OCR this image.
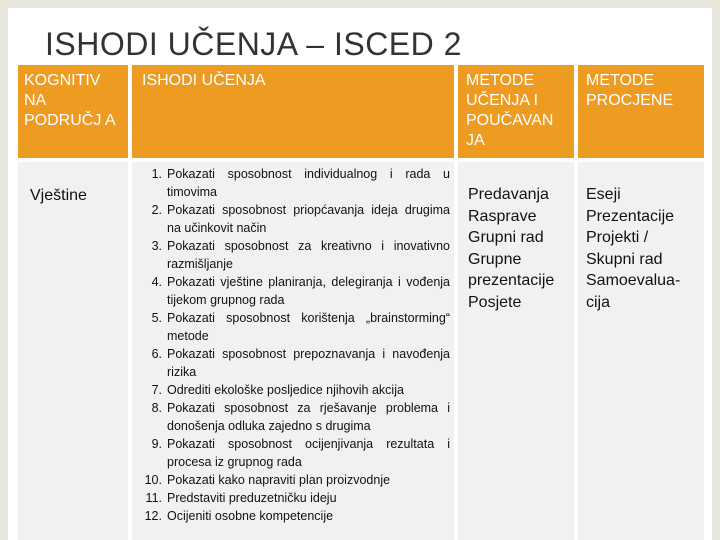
ISHODI UČENJA – ISCED 2
KOGNITIV NA PODRUČJ A
ISHODI UČENJA	METODE UČENJA I POUČAVAN JA
METODE PROCJENE
Vještine
1. Pokazati sposobnost individualnog i rada u timovima
2. Pokazati sposobnost priopćavanja ideja drugima na učinkovit način
3. Pokazati sposobnost za kreativno i inovativno razmišljanje
4. Pokazati vještine planiranja, delegiranja i vođenja tijekom grupnog rada
5. Pokazati sposobnost korištenja „brainstorming“ metode
6. Pokazati sposobnost prepoznavanja i navođenja rizika
7. Odrediti ekološke posljedice njihovih akcija
8. Pokazati sposobnost za rješavanje problema i donošenja odluka zajedno s drugima
9. Pokazati sposobnost ocijenjivanja rezultata i procesa iz grupnog rada
10. Pokazati kako napraviti plan proizvodnje
11. Predstaviti preduzetničku ideju
12. Ocijeniti osobne kompetencije
Predavanja
Rasprave
Grupni rad
Grupne
prezentacije
Posjete
Eseji
Prezentacije
Projekti /
Skupni rad
Samoevalua-
cija
